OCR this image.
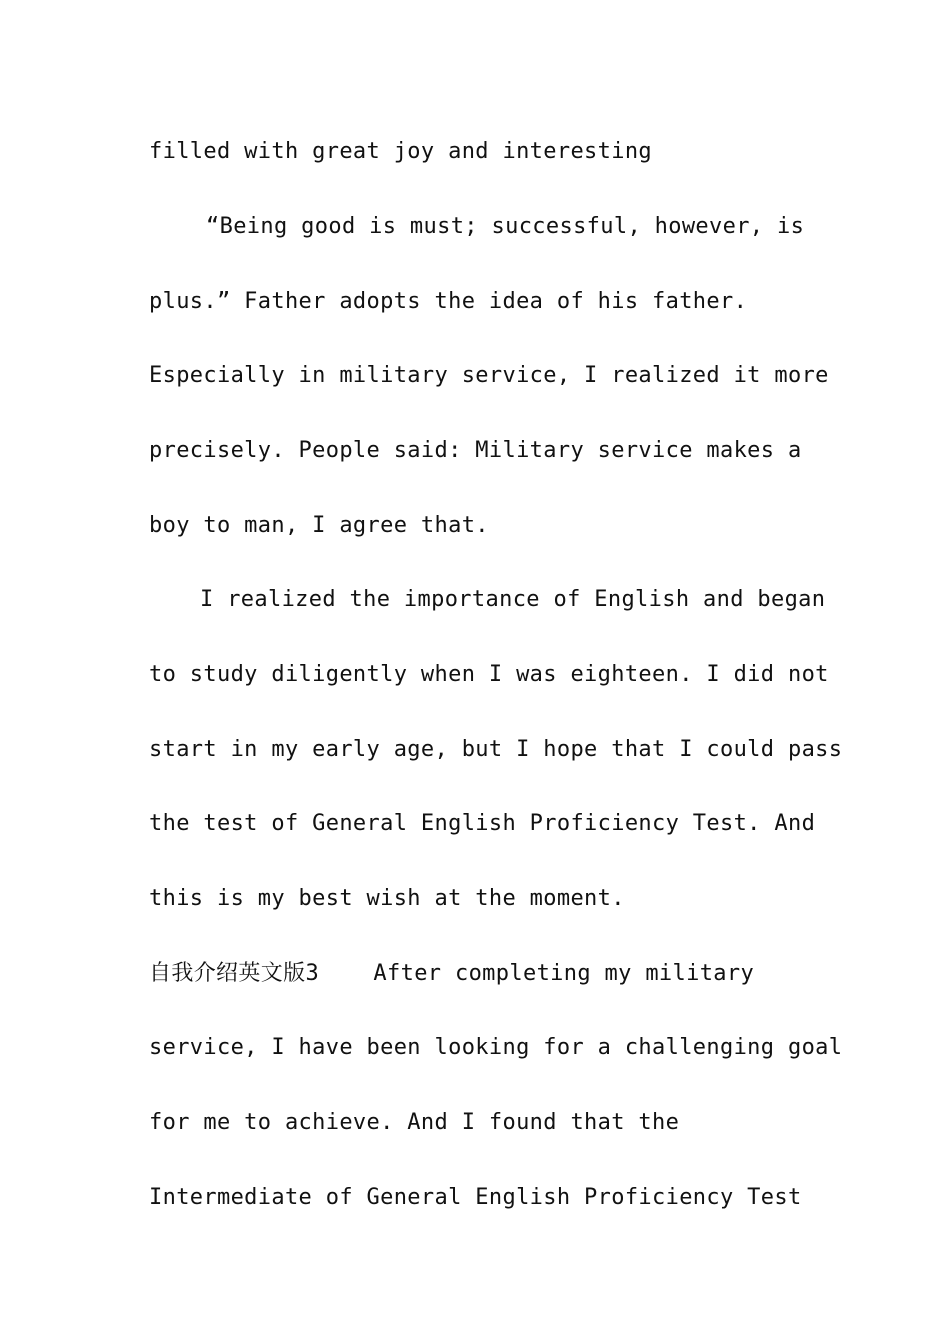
filled with great joy and interesting
“Being good is must; successful, however, is
plus.” Father adopts the idea of his father.
Especially in military service, I realized it more
precisely. People said: Military service makes a
boy to man, I agree that.
I realized the importance of English and began
to study diligently when I was eighteen. I did not
start in my early age, but I hope that I could pass
the test of General English Proficiency Test. And
this is my best wish at the moment.
自我介绍英文版3    After completing my military
service, I have been looking for a challenging goal
for me to achieve. And I found that the
Intermediate of General English Proficiency Test
